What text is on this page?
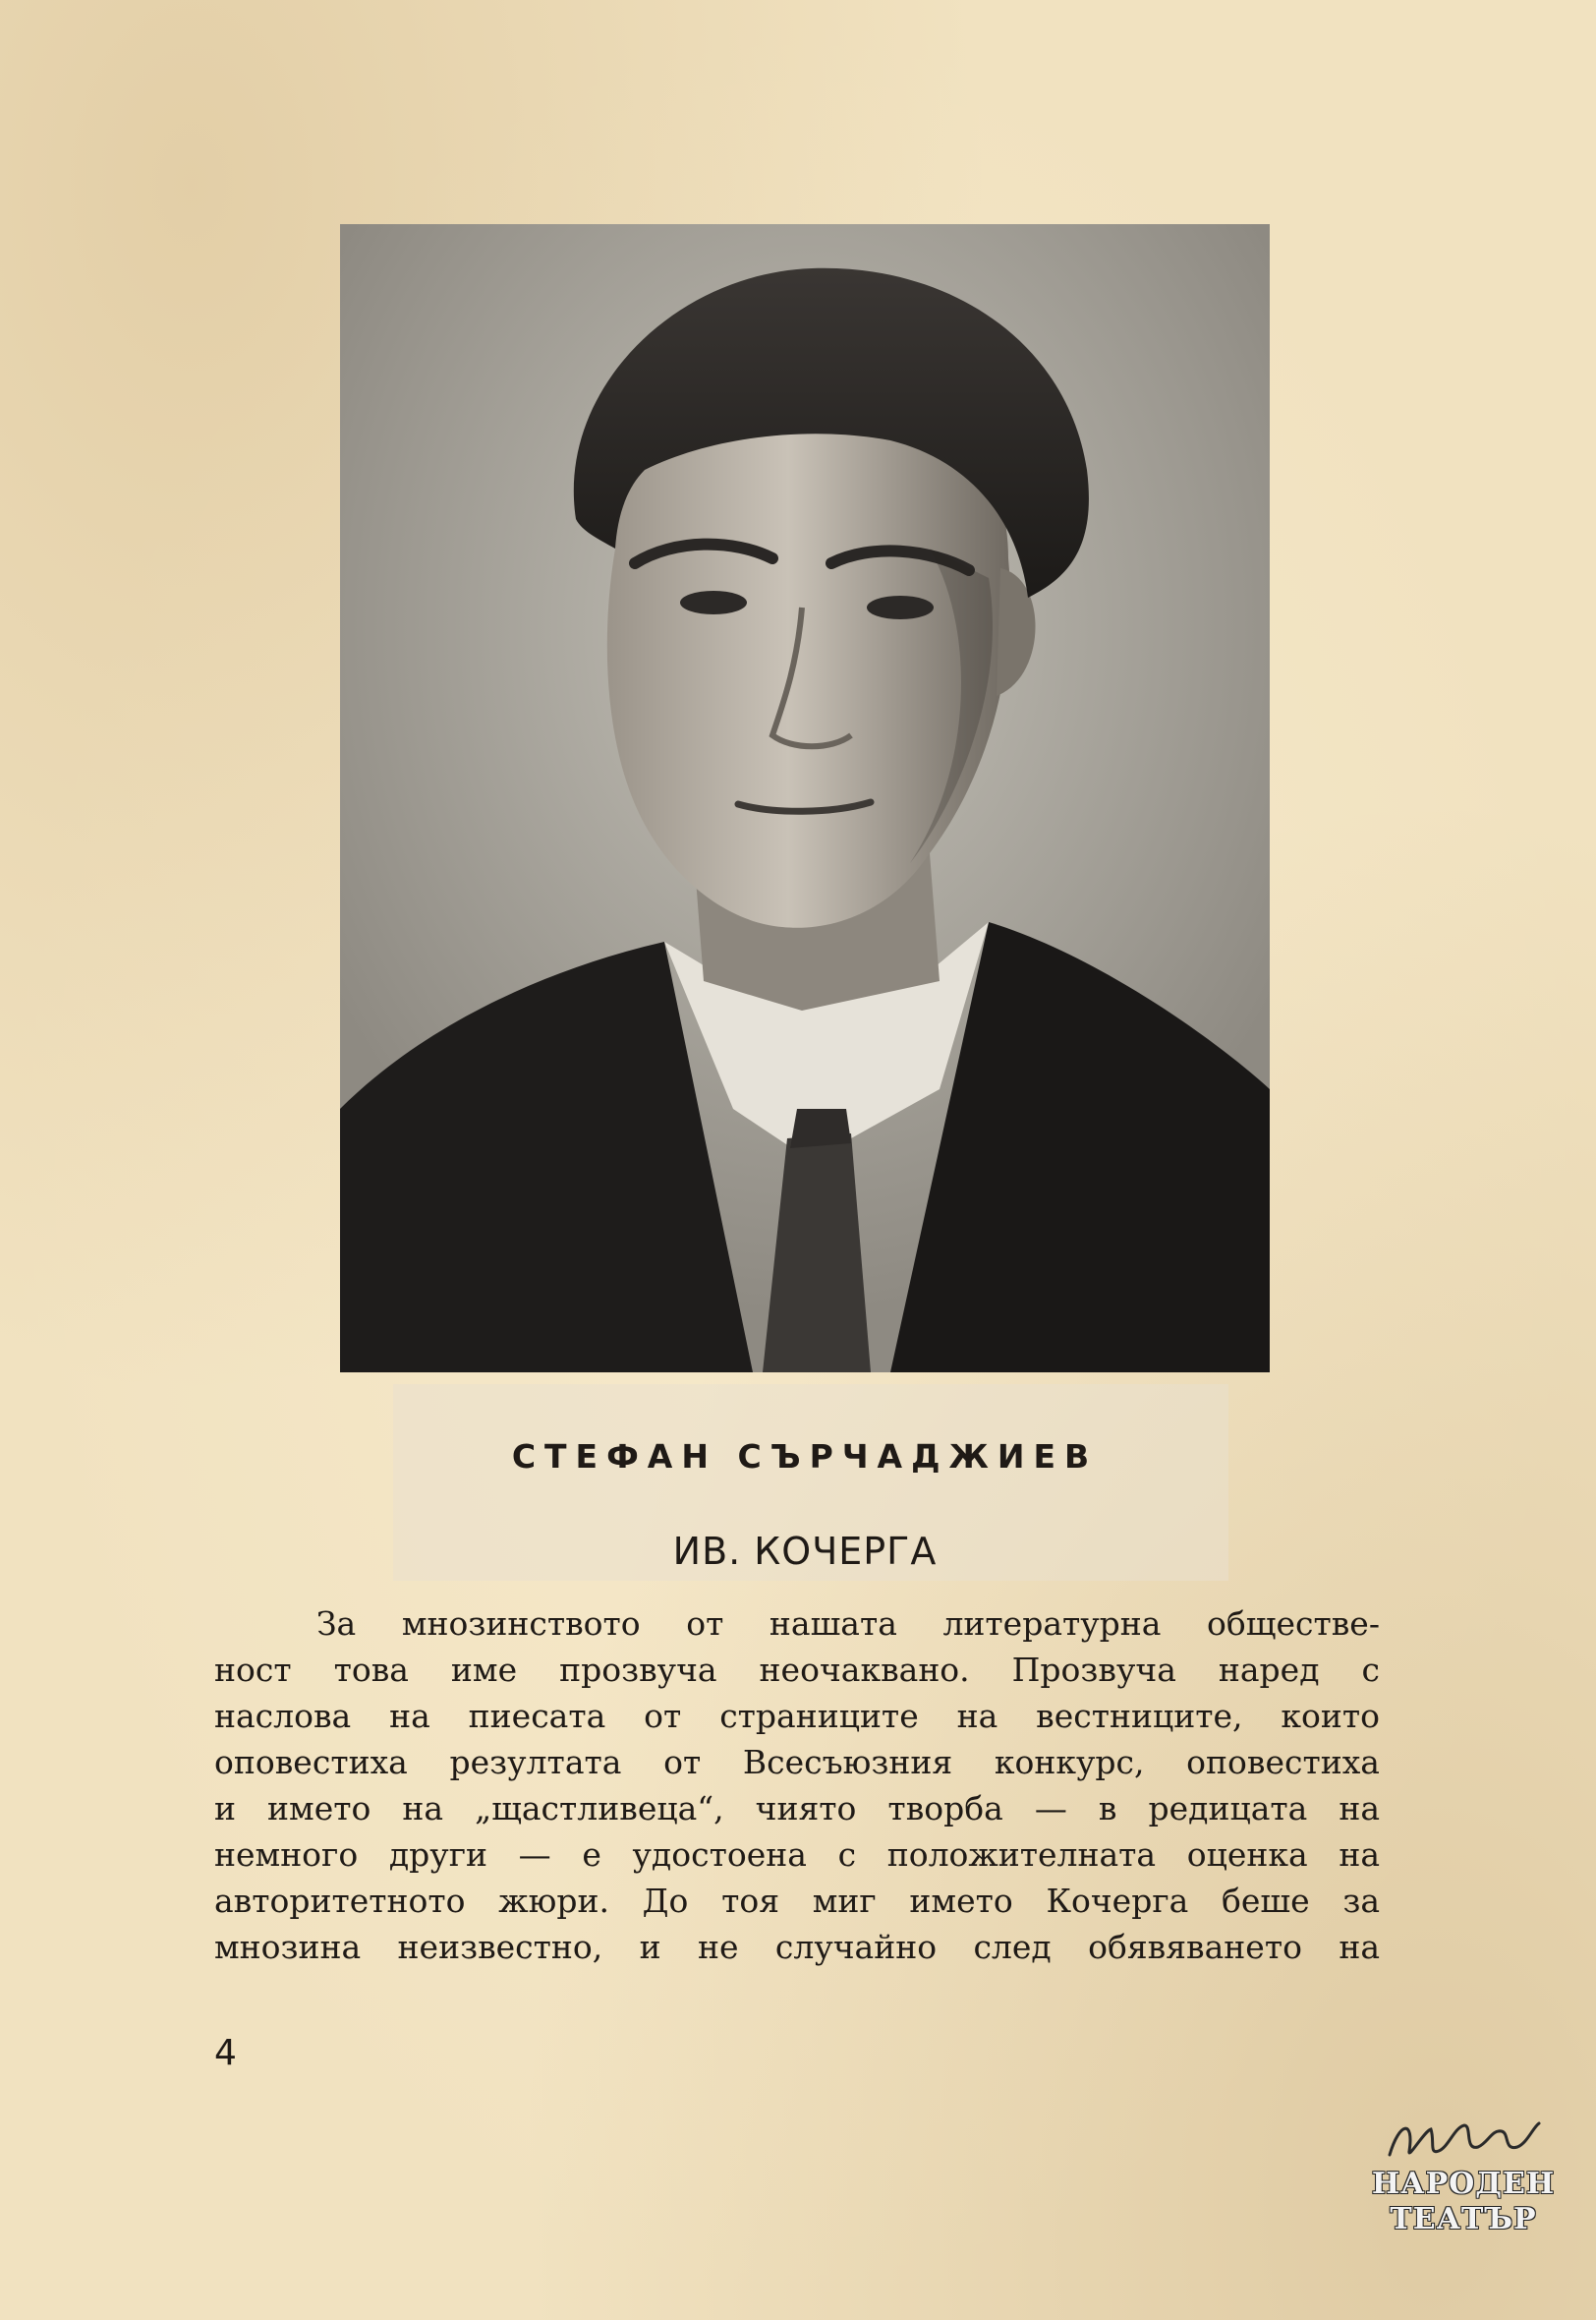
СТЕФАН СЪРЧАДЖИЕВ
ИВ. КОЧЕРГА
За мнозинството от нашата литературна обществе-
ност това име прозвуча неочаквано. Прозвуча наред с
наслова на пиесата от страниците на вестниците, които
оповестиха резултата от Всесъюзния конкурс, оповестиха
и името на „щастливеца“, чиято творба — в редицата на
немного други — е удостоена с положителната оценка на
авторитетното жюри. До тоя миг името Кочерга беше за
мнозина неизвестно, и не случайно след обявяването на
4
НАРОДЕН
ТЕАТЪР
